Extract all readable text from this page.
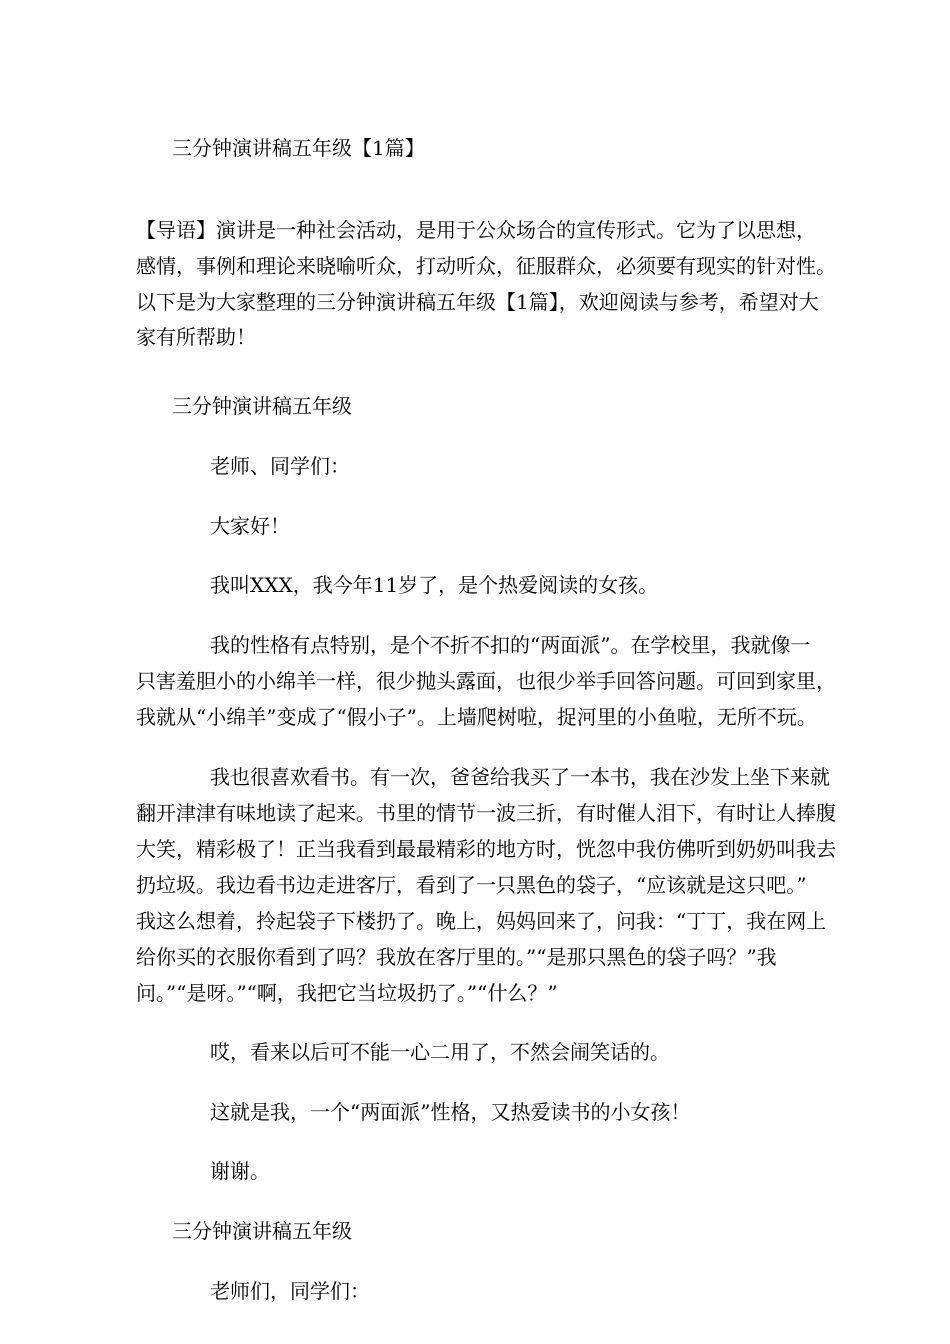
三分钟演讲稿五年级【1篇】

【导语】演讲是一种社会活动，是用于公众场合的宣传形式。它为了以思想，

感情，事例和理论来晓喻听众，打动听众，征服群众，必须要有现实的针对性。

以下是为大家整理的三分钟演讲稿五年级【1篇】，欢迎阅读与参考，希望对大

家有所帮助！

三分钟演讲稿五年级

老师、同学们：

大家好！

我叫XXX，我今年11岁了，是个热爱阅读的女孩。

我的性格有点特别，是个不折不扣的“两面派”。在学校里，我就像一

只害羞胆小的小绵羊一样，很少抛头露面，也很少举手回答问题。可回到家里，

我就从“小绵羊”变成了“假小子”。上墙爬树啦，捉河里的小鱼啦，无所不玩。

我也很喜欢看书。有一次，爸爸给我买了一本书，我在沙发上坐下来就

翻开津津有味地读了起来。书里的情节一波三折，有时催人泪下，有时让人捧腹

大笑，精彩极了！正当我看到最最精彩的地方时，恍忽中我仿佛听到奶奶叫我去

扔垃圾。我边看书边走进客厅，看到了一只黑色的袋子，“应该就是这只吧。”

我这么想着，拎起袋子下楼扔了。晚上，妈妈回来了，问我：“丁丁，我在网上

给你买的衣服你看到了吗？我放在客厅里的。”“是那只黑色的袋子吗？”我

问。”“是呀。”“啊，我把它当垃圾扔了。”“什么？”

哎，看来以后可不能一心二用了，不然会闹笑话的。

这就是我，一个“两面派”性格，又热爱读书的小女孩！

谢谢。

三分钟演讲稿五年级

老师们，同学们：
